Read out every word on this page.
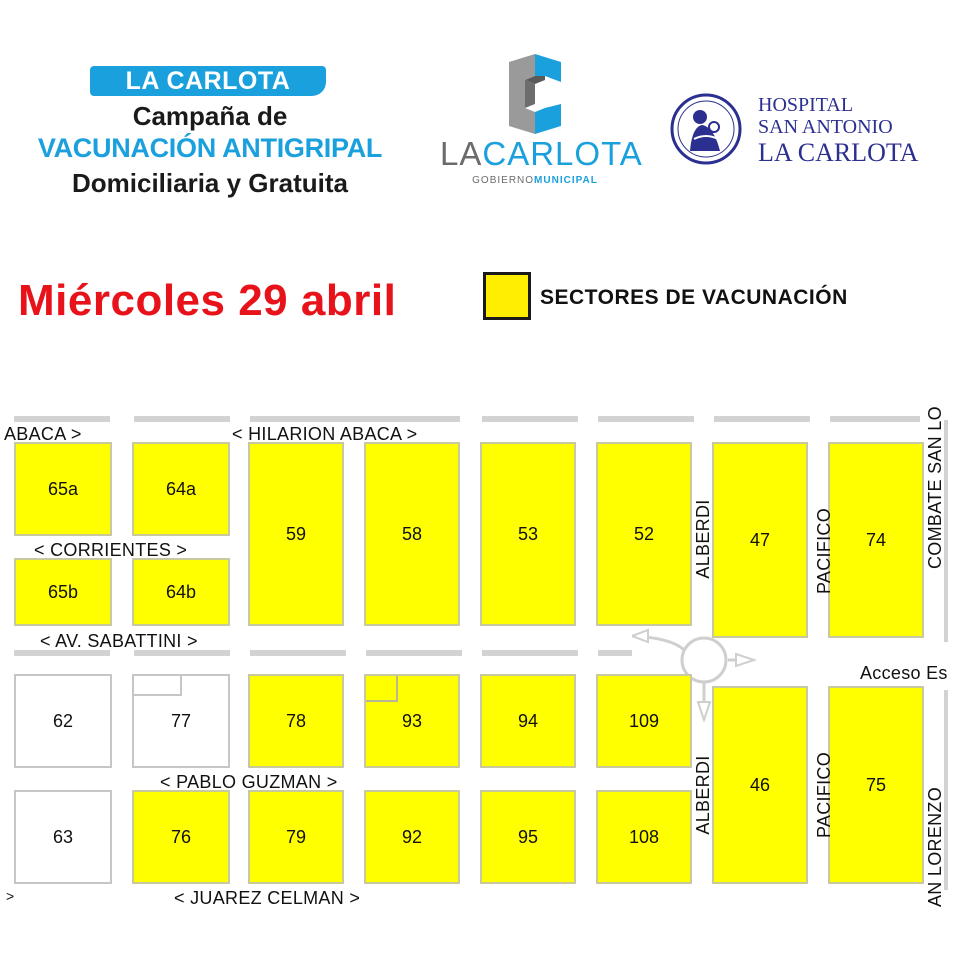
LA CARLOTA
Campaña de
VACUNACIÓN ANTIGRIPAL
Domiciliaria y Gratuita
LACARLOTA
GOBIERNOMUNICIPAL
HOSPITAL
SAN ANTONIO
LA CARLOTA
Miércoles 29 abril	SECTORES DE VACUNACIÓN
65a	64a
65b	64b
59	58	53	52	47	74
62	77	78	93	94	109
46	75
63	76	79	92	95	108
ABACA >	< HILARION ABACA >
< CORRIENTES >
< AV. SABATTINI >
Acceso Es
< PABLO GUZMAN >
< JUAREZ CELMAN >
>
ALBERDI
ALBERDI
PACIFICO
PACIFICO
COMBATE SAN LO
AN LORENZO
